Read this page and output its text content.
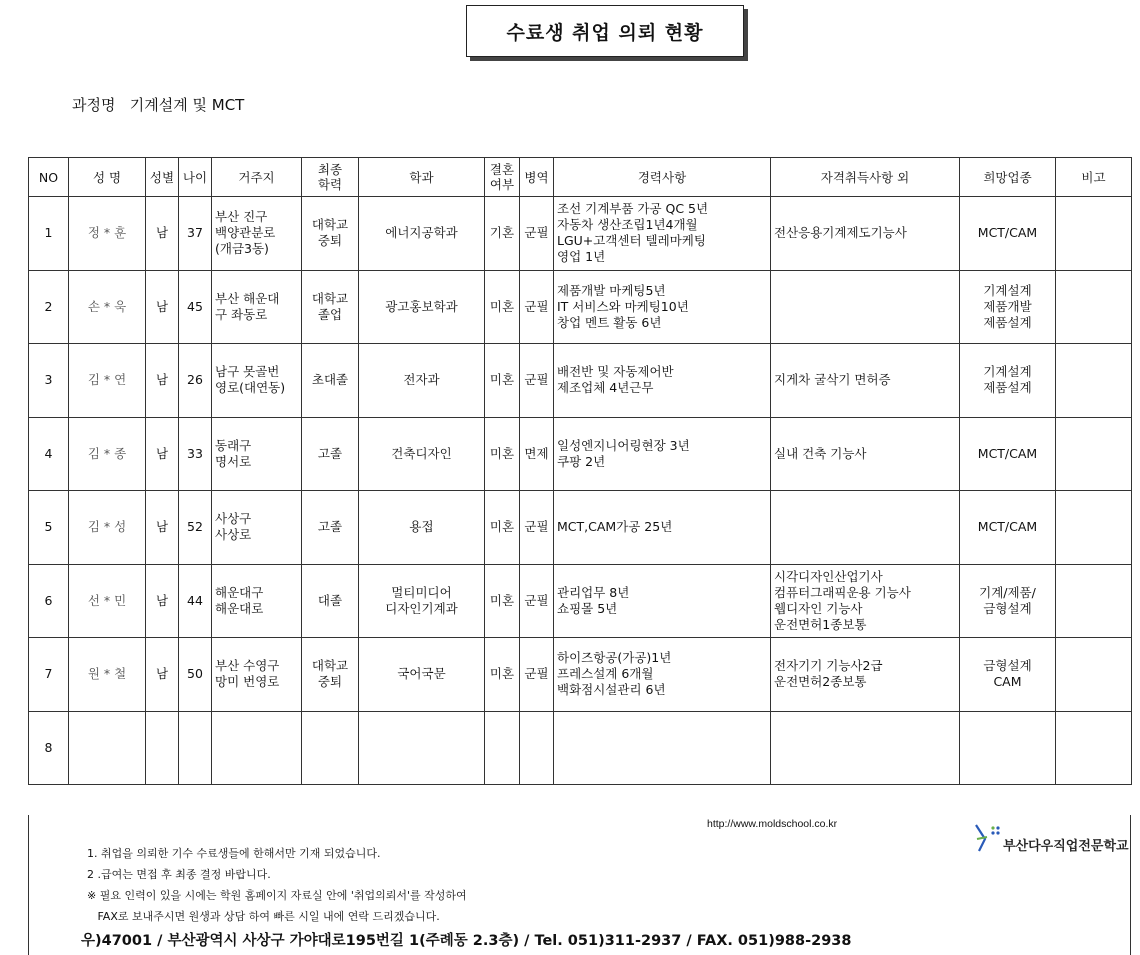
수료생 취업 의뢰 현황
과정명   기계설계 및 MCT
NO	성 명	성별	나이	거주지	최종
학력	학과	결혼
여부	병역	경력사항	자격취득사항 외	희망업종	비고
1	정 * 훈	남	37	부산 진구
백양관분로
(개금3동)	대학교
중퇴	에너지공학과	기혼	군필	조선 기계부품 가공 QC 5년
자동차 생산조립1년4개월
LGU+고객센터 텔레마케팅
영업 1년	전산응용기계제도기능사	MCT/CAM	
2	손 * 욱	남	45	부산 해운대
구 좌동로	대학교
졸업	광고홍보학과	미혼	군필	제품개발 마케팅5년
IT 서비스와 마케팅10년
창업 멘트 활동 6년		기계설계
제품개발
제품설계	
3	김 * 연	남	26	남구 못골번
영로(대연동)	초대졸	전자과	미혼	군필	배전반 및 자동제어반
제조업체 4년근무	지게차 굴삭기 면허증	기계설계
제품설계	
4	김 * 종	남	33	동래구
명서로	고졸	건축디자인	미혼	면제	일성엔지니어링현장 3년
쿠팡 2년	실내 건축 기능사	MCT/CAM	
5	김 * 성	남	52	사상구
사상로	고졸	용접	미혼	군필	MCT,CAM가공 25년		MCT/CAM	
6	선 * 민	남	44	해운대구
해운대로	대졸	멀티미디어
디자인기계과	미혼	군필	관리업무 8년
쇼핑몰 5년	시각디자인산업기사
컴퓨터그래픽운용 기능사
웹디자인 기능사
운전면허1종보통	기계/제품/
금형설계	
7	원 * 철	남	50	부산 수영구
망미 번영로	대학교
중퇴	국어국문	미혼	군필	하이즈항공(가공)1년
프레스설계 6개월
백화점시설관리 6년	전자기기 기능사2급
운전면허2종보통	금형설계
CAM	
8												
http://www.moldschool.co.kr
부산다우직업전문학교
1. 취업을 의뢰한 기수 수료생들에 한해서만 기재 되었습니다.
2 .급여는 면접 후 최종 결정 바랍니다.
※ 필요 인력이 있을 시에는 학원 홈페이지 자료실 안에 '취업의뢰서'를 작성하여
FAX로 보내주시면 원생과 상담 하여 빠른 시일 내에 연락 드리겠습니다.
우)47001 / 부산광역시 사상구 가야대로195번길 1(주례동 2.3층) / Tel. 051)311-2937 / FAX. 051)988-2938
